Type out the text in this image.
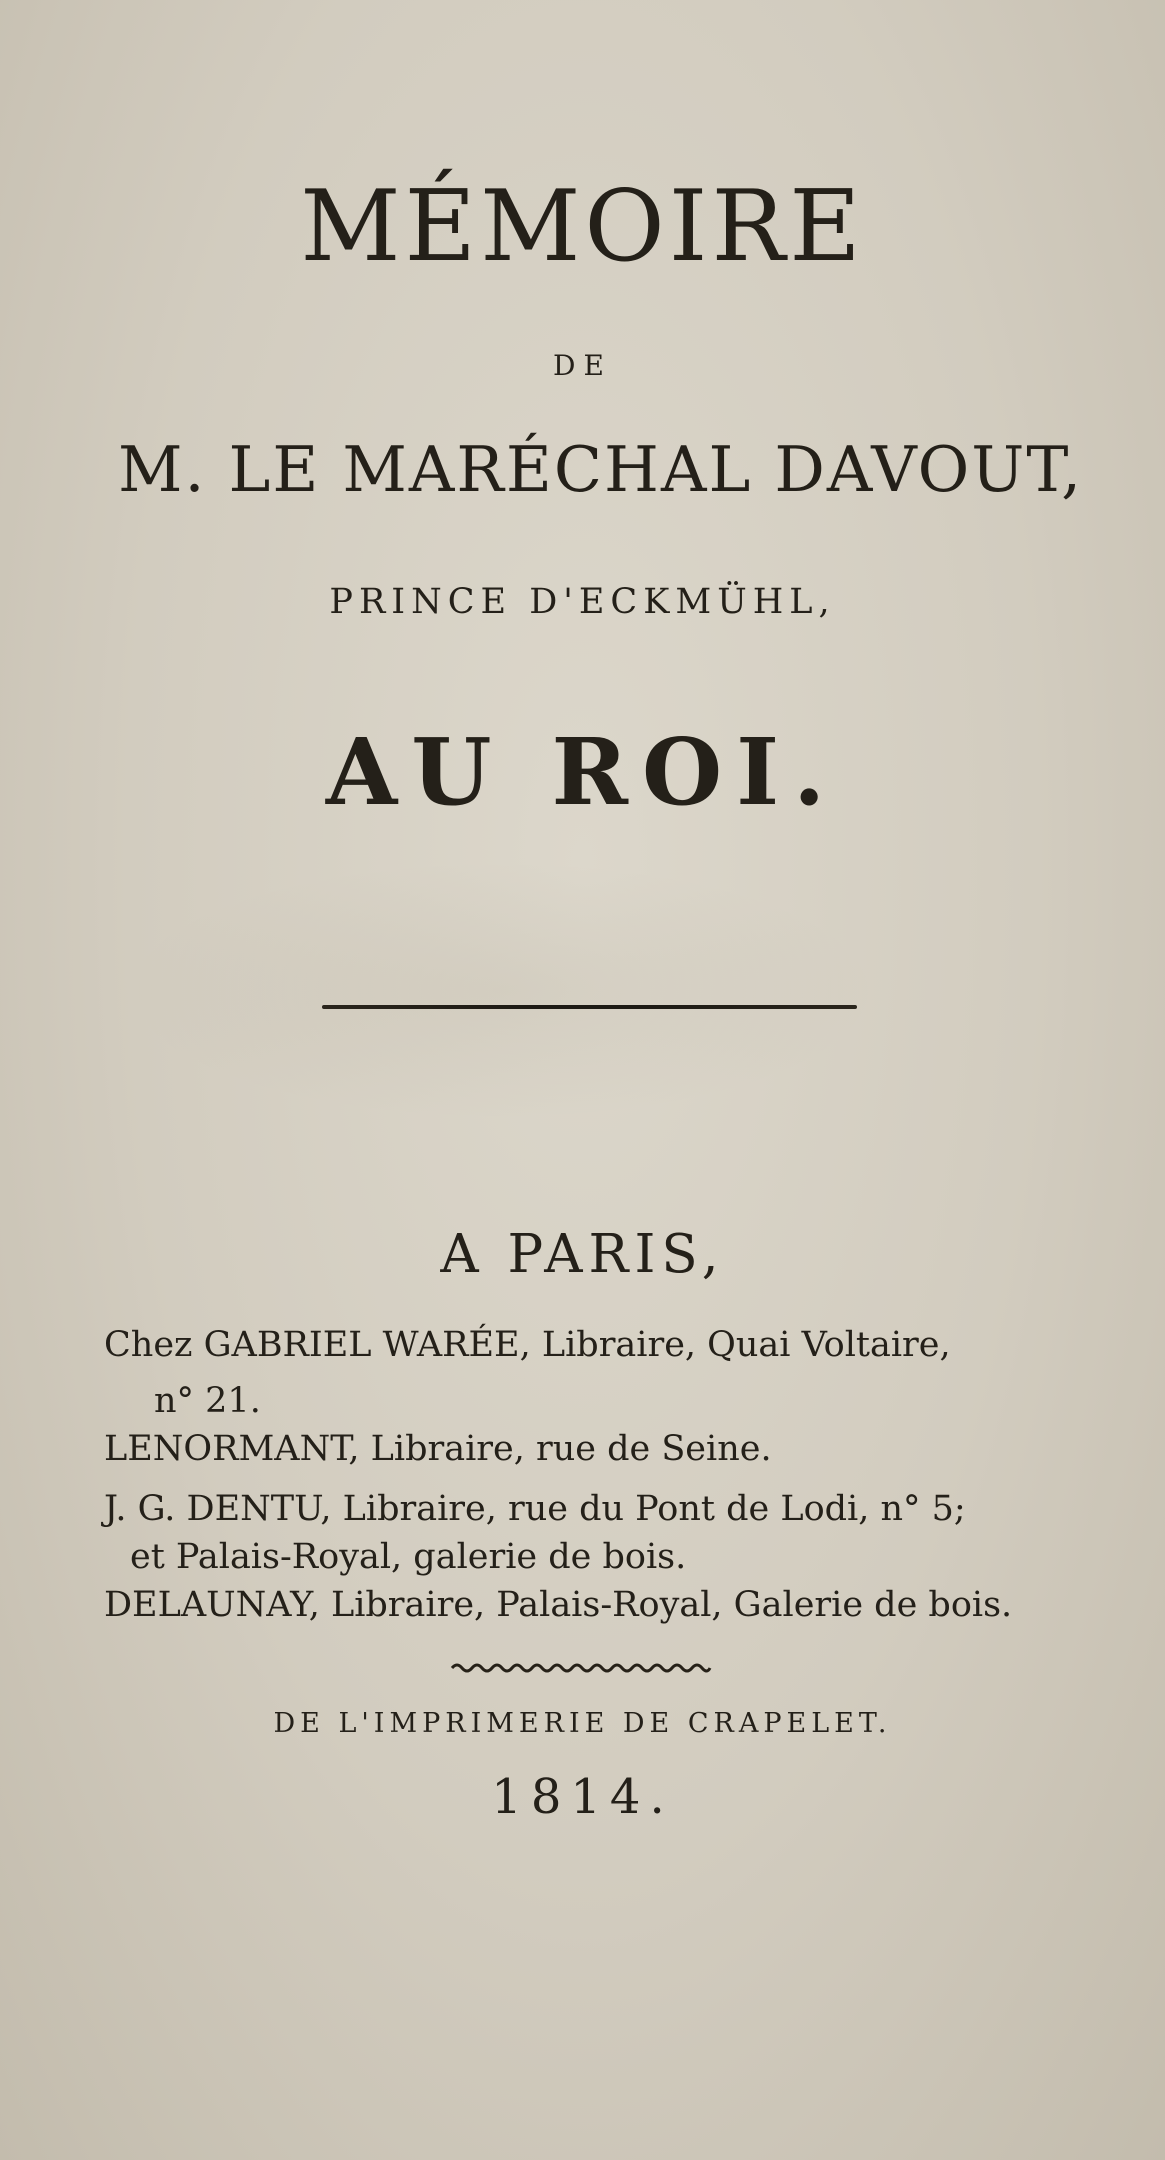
MÉMOIRE

DE

M. LE MARÉCHAL DAVOUT,

PRINCE D'ECKMÜHL,

AU ROI.

A PARIS,

Chez GABRIEL WARÉE, Libraire, Quai Voltaire,

n° 21.

LENORMANT, Libraire, rue de Seine.

J. G. DENTU, Libraire, rue du Pont de Lodi, n° 5;

et Palais-Royal, galerie de bois.

DELAUNAY, Libraire, Palais-Royal, Galerie de bois.

DE L'IMPRIMERIE DE CRAPELET.

1814.
